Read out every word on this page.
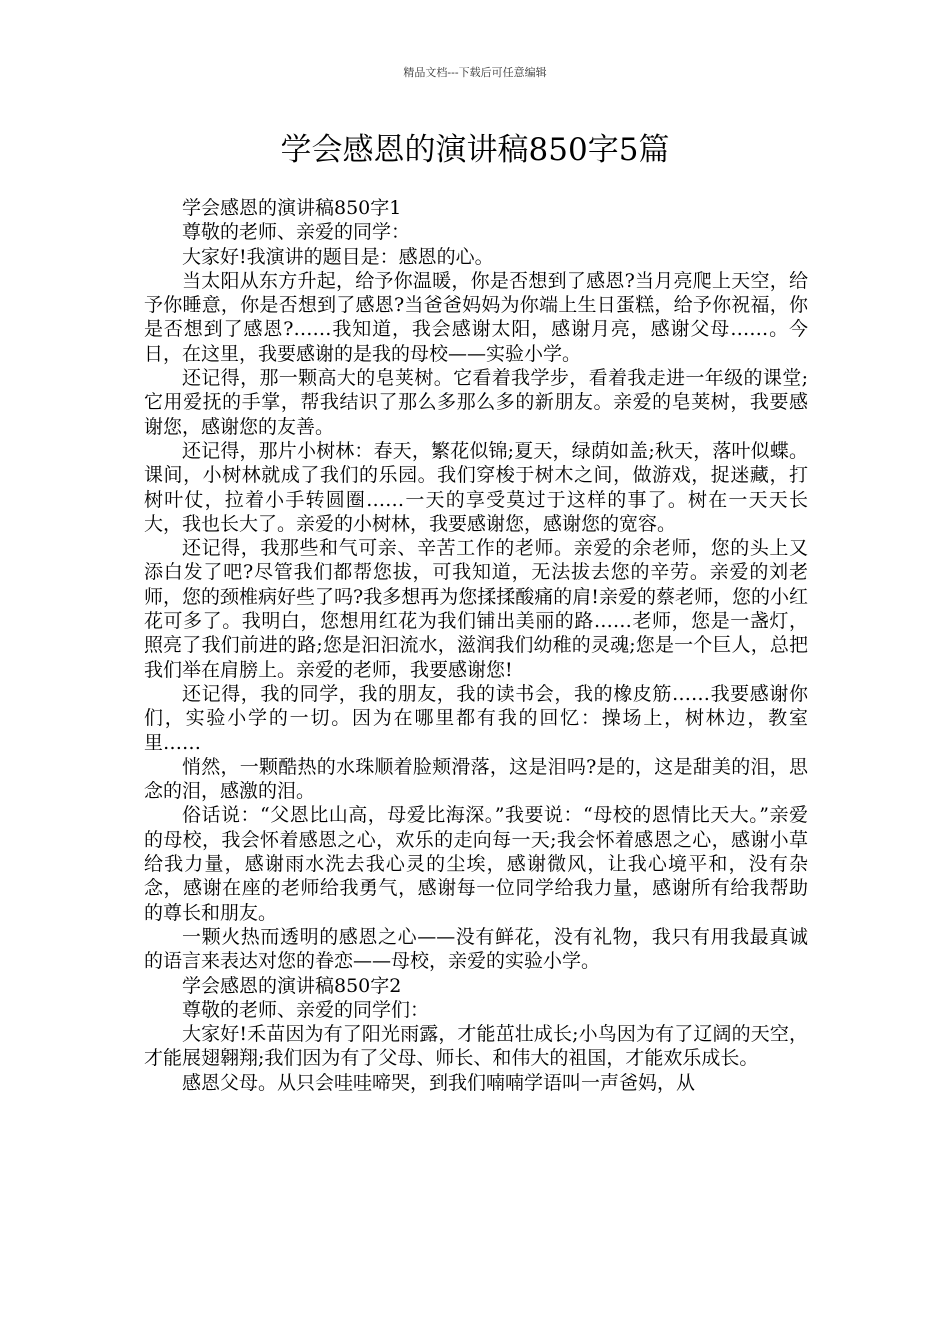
精品文档---下载后可任意编辑
学会感恩的演讲稿850字5篇

学会感恩的演讲稿850字1

尊敬的老师、亲爱的同学：

大家好!我演讲的题目是：感恩的心。

当太阳从东方升起，给予你温暖，你是否想到了感恩?当月亮爬上天空，给予你睡意，你是否想到了感恩?当爸爸妈妈为你端上生日蛋糕，给予你祝福，你是否想到了感恩?……我知道，我会感谢太阳，感谢月亮，感谢父母……。今日，在这里，我要感谢的是我的母校——实验小学。

还记得，那一颗高大的皂荚树。它看着我学步，看着我走进一年级的课堂;它用爱抚的手掌，帮我结识了那么多那么多的新朋友。亲爱的皂荚树，我要感谢您，感谢您的友善。

还记得，那片小树林：春天，繁花似锦;夏天，绿荫如盖;秋天，落叶似蝶。课间，小树林就成了我们的乐园。我们穿梭于树木之间，做游戏，捉迷藏，打树叶仗，拉着小手转圆圈……一天的享受莫过于这样的事了。树在一天天长大，我也长大了。亲爱的小树林，我要感谢您，感谢您的宽容。

还记得，我那些和气可亲、辛苦工作的老师。亲爱的余老师，您的头上又添白发了吧?尽管我们都帮您拔，可我知道，无法拔去您的辛劳。亲爱的刘老师，您的颈椎病好些了吗?我多想再为您揉揉酸痛的肩!亲爱的蔡老师，您的小红花可多了。我明白，您想用红花为我们铺出美丽的路……老师，您是一盏灯，照亮了我们前进的路;您是汩汩流水，滋润我们幼稚的灵魂;您是一个巨人，总把我们举在肩膀上。亲爱的老师，我要感谢您!

还记得，我的同学，我的朋友，我的读书会，我的橡皮筋……我要感谢你们，实验小学的一切。因为在哪里都有我的回忆：操场上，树林边，教室里……

悄然，一颗酷热的水珠顺着脸颊滑落，这是泪吗?是的，这是甜美的泪，思念的泪，感激的泪。

俗话说：“父恩比山高，母爱比海深。”我要说：“母校的恩情比天大。”亲爱的母校，我会怀着感恩之心，欢乐的走向每一天;我会怀着感恩之心，感谢小草给我力量，感谢雨水洗去我心灵的尘埃，感谢微风，让我心境平和，没有杂念，感谢在座的老师给我勇气，感谢每一位同学给我力量，感谢所有给我帮助的尊长和朋友。

一颗火热而透明的感恩之心——没有鲜花，没有礼物，我只有用我最真诚的语言来表达对您的眷恋——母校，亲爱的实验小学。

学会感恩的演讲稿850字2

尊敬的老师、亲爱的同学们：

大家好!禾苗因为有了阳光雨露，才能茁壮成长;小鸟因为有了辽阔的天空，才能展翅翱翔;我们因为有了父母、师长、和伟大的祖国，才能欢乐成长。

感恩父母。从只会哇哇啼哭，到我们喃喃学语叫一声爸妈，从
